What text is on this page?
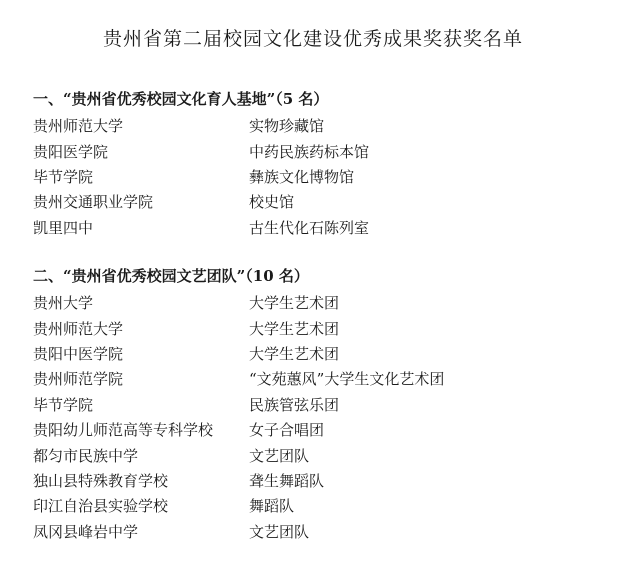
贵州省第二届校园文化建设优秀成果奖获奖名单
一、“贵州省优秀校园文化育人基地”（5 名）
贵州师范大学	实物珍藏馆
贵阳医学院	中药民族药标本馆
毕节学院	彝族文化博物馆
贵州交通职业学院	校史馆
凯里四中	古生代化石陈列室
二、“贵州省优秀校园文艺团队”（10 名）
贵州大学	大学生艺术团
贵州师范大学	大学生艺术团
贵阳中医学院	大学生艺术团
贵州师范学院	“文苑蕙风”大学生文化艺术团
毕节学院	民族管弦乐团
贵阳幼儿师范高等专科学校	女子合唱团
都匀市民族中学	文艺团队
独山县特殊教育学校	聋生舞蹈队
印江自治县实验学校	舞蹈队
凤冈县峰岩中学	文艺团队
